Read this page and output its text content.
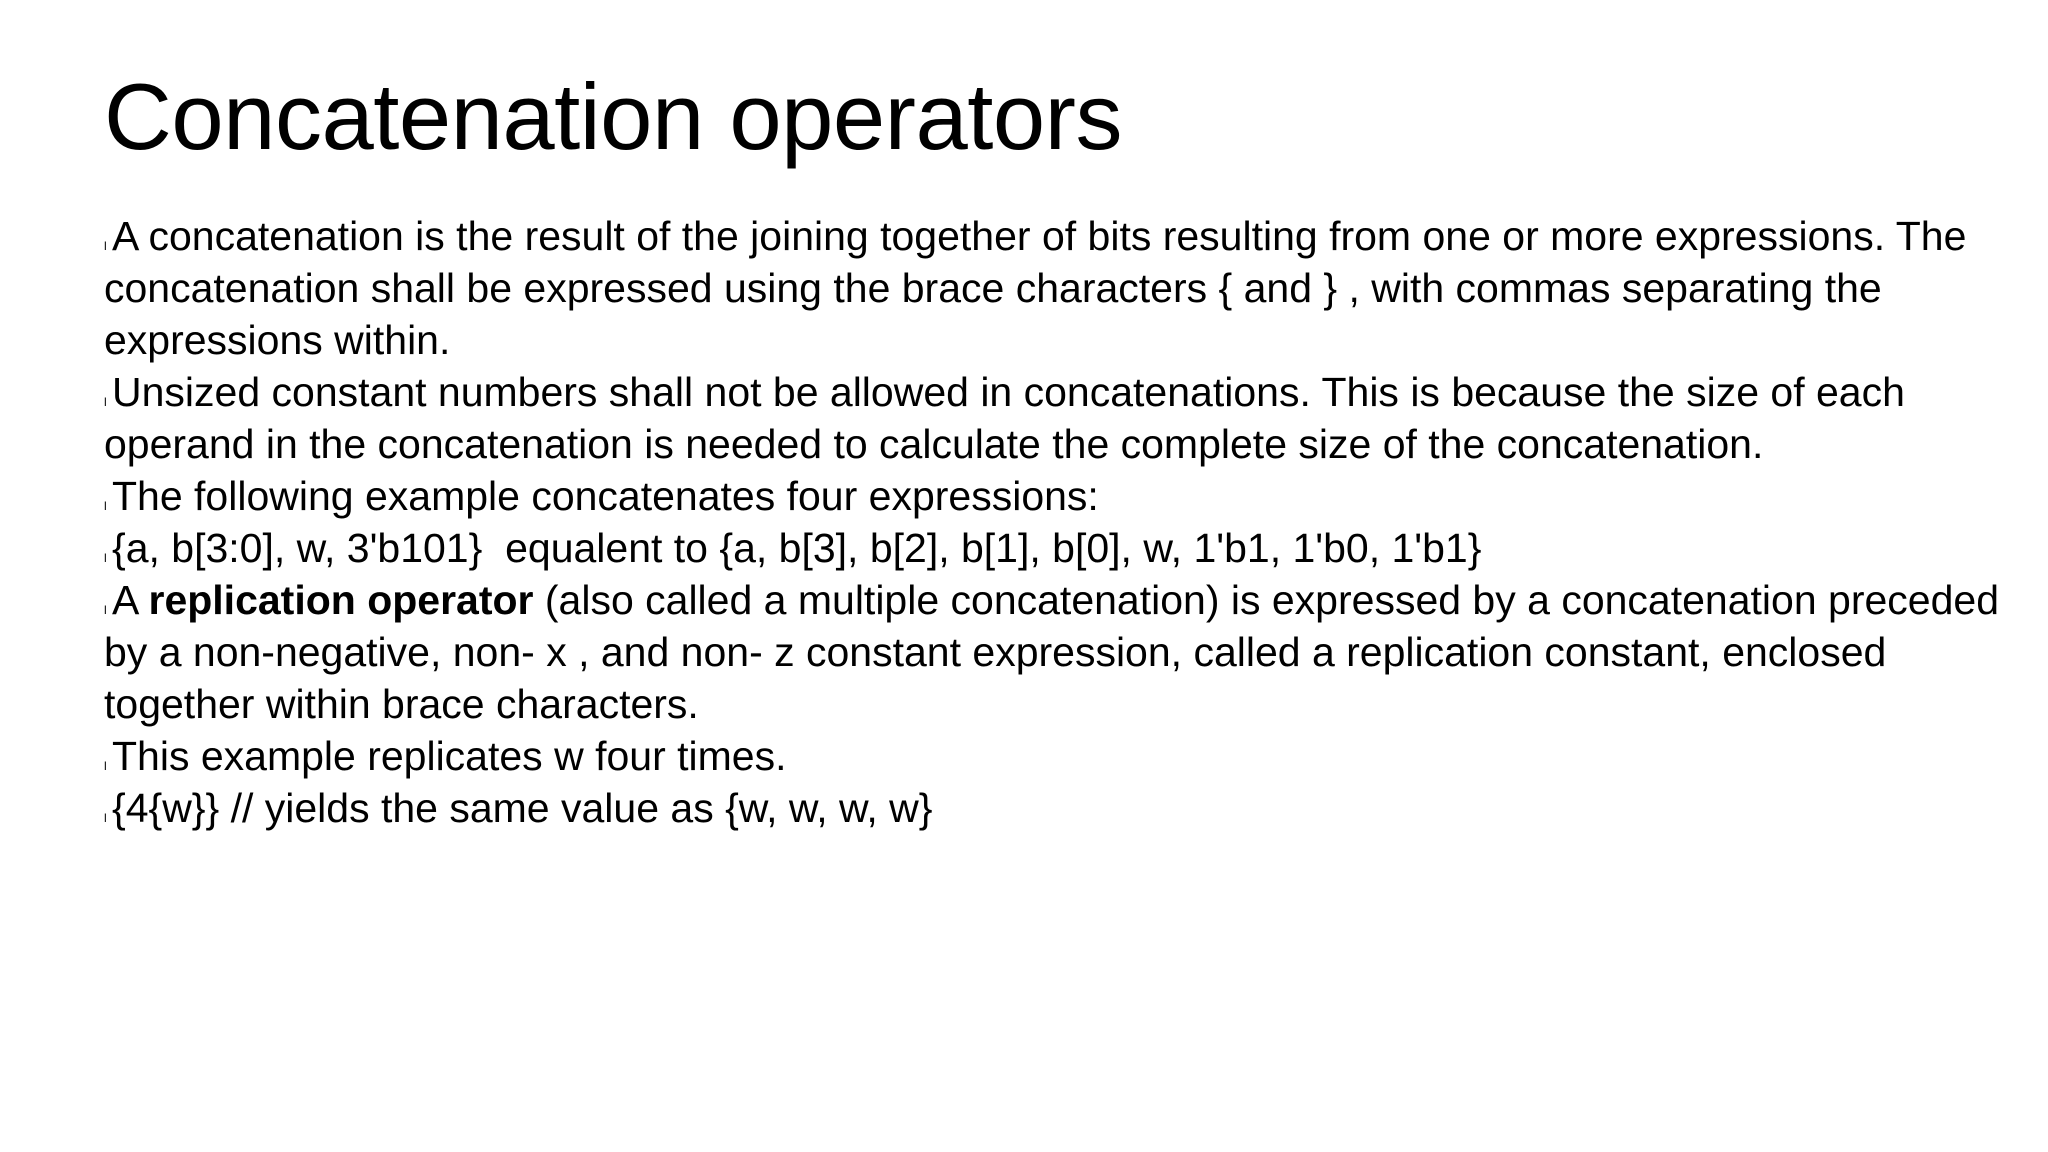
Concatenation operators
l A concatenation is the result of the joining together of bits resulting from one or more expressions. The concatenation shall be expressed using the brace characters { and } , with commas separating the expressions within.
l Unsized constant numbers shall not be allowed in concatenations. This is because the size of each operand in the concatenation is needed to calculate the complete size of the concatenation.
l The following example concatenates four expressions:
l {a, b[3:0], w, 3'b101}  equalent to {a, b[3], b[2], b[1], b[0], w, 1'b1, 1'b0, 1'b1}
l A replication operator (also called a multiple concatenation) is expressed by a concatenation preceded by a non-negative, non- x , and non- z constant expression, called a replication constant, enclosed together within brace characters.
l This example replicates w four times.
l {4{w}} // yields the same value as {w, w, w, w}
